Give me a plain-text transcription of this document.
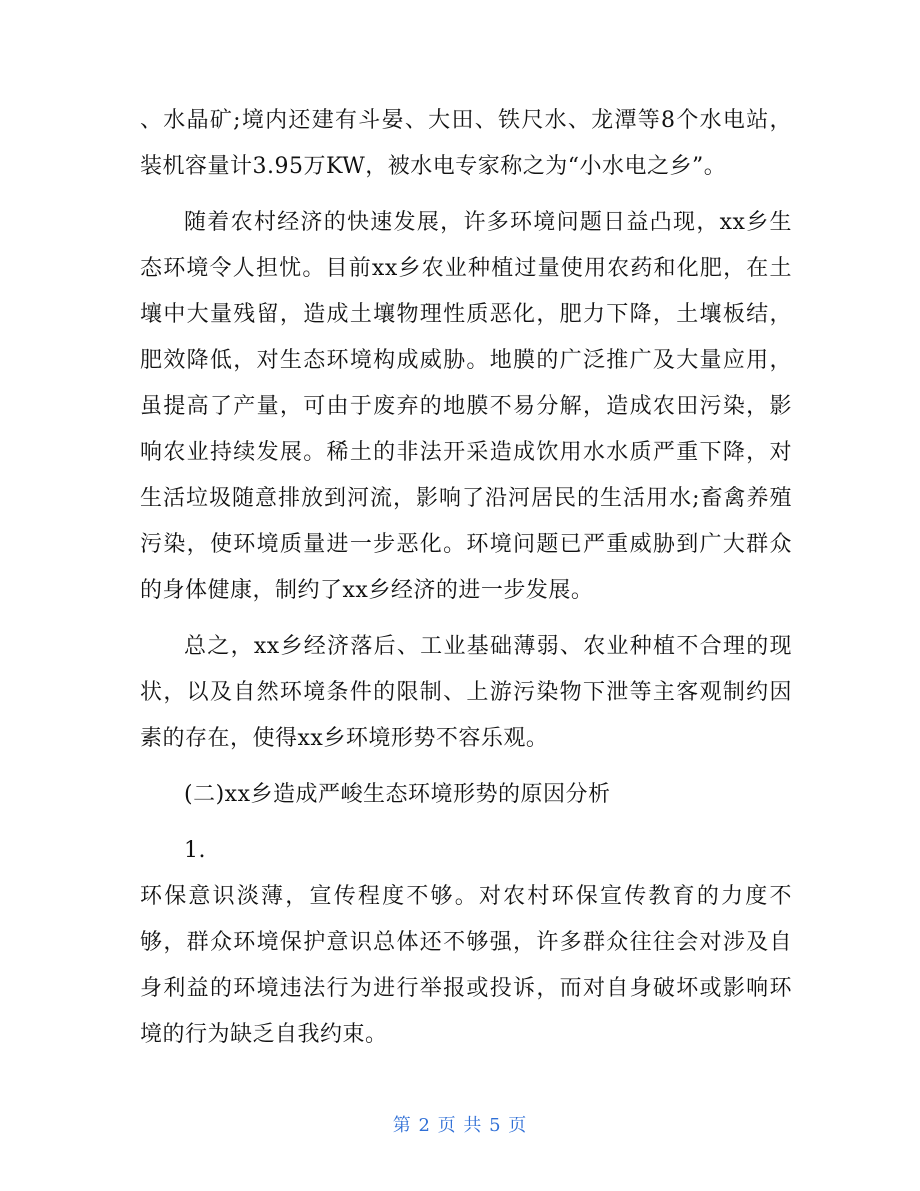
、水晶矿;境内还建有斗晏、大田、铁尺水、龙潭等8个水电站，装机容量计3.95万KW，被水电专家称之为“小水电之乡”。

随着农村经济的快速发展，许多环境问题日益凸现，xx乡生态环境令人担忧。目前xx乡农业种植过量使用农药和化肥，在土壤中大量残留，造成土壤物理性质恶化，肥力下降，土壤板结，肥效降低，对生态环境构成威胁。地膜的广泛推广及大量应用，虽提高了产量，可由于废弃的地膜不易分解，造成农田污染，影响农业持续发展。稀土的非法开采造成饮用水水质严重下降，对生活垃圾随意排放到河流，影响了沿河居民的生活用水;畜禽养殖污染，使环境质量进一步恶化。环境问题已严重威胁到广大群众的身体健康，制约了xx乡经济的进一步发展。

总之，xx乡经济落后、工业基础薄弱、农业种植不合理的现状，以及自然环境条件的限制、上游污染物下泄等主客观制约因素的存在，使得xx乡环境形势不容乐观。

(二)xx乡造成严峻生态环境形势的原因分析

1.

环保意识淡薄，宣传程度不够。对农村环保宣传教育的力度不够，群众环境保护意识总体还不够强，许多群众往往会对涉及自身利益的环境违法行为进行举报或投诉，而对自身破坏或影响环境的行为缺乏自我约束。

第 2 页 共 5 页
